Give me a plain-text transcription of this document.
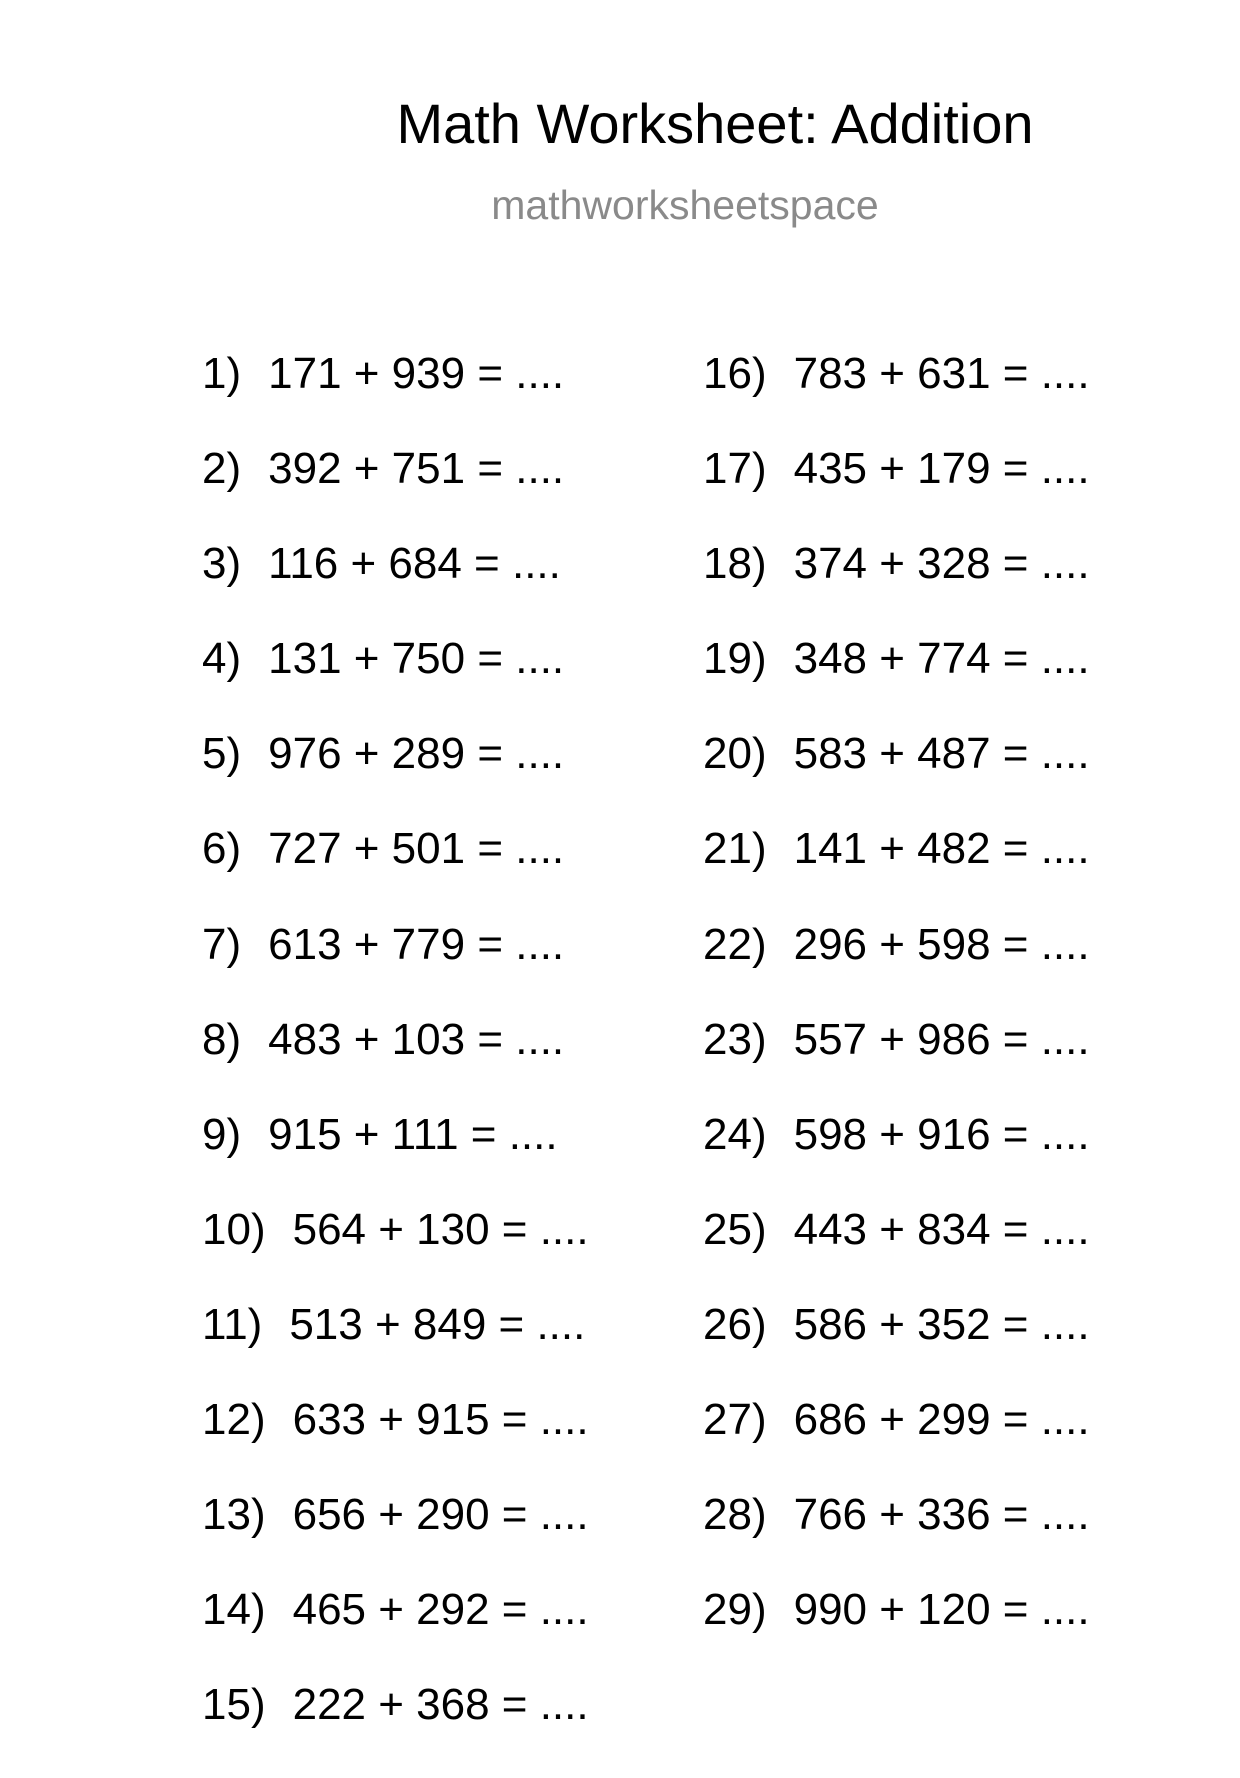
Math Worksheet: Addition
mathworksheetspace
1) 171 + 939 = ....
2) 392 + 751 = ....
3) 116 + 684 = ....
4) 131 + 750 = ....
5) 976 + 289 = ....
6) 727 + 501 = ....
7) 613 + 779 = ....
8) 483 + 103 = ....
9) 915 + 111 = ....
10) 564 + 130 = ....
11) 513 + 849 = ....
12) 633 + 915 = ....
13) 656 + 290 = ....
14) 465 + 292 = ....
15) 222 + 368 = ....
16) 783 + 631 = ....
17) 435 + 179 = ....
18) 374 + 328 = ....
19) 348 + 774 = ....
20) 583 + 487 = ....
21) 141 + 482 = ....
22) 296 + 598 = ....
23) 557 + 986 = ....
24) 598 + 916 = ....
25) 443 + 834 = ....
26) 586 + 352 = ....
27) 686 + 299 = ....
28) 766 + 336 = ....
29) 990 + 120 = ....
